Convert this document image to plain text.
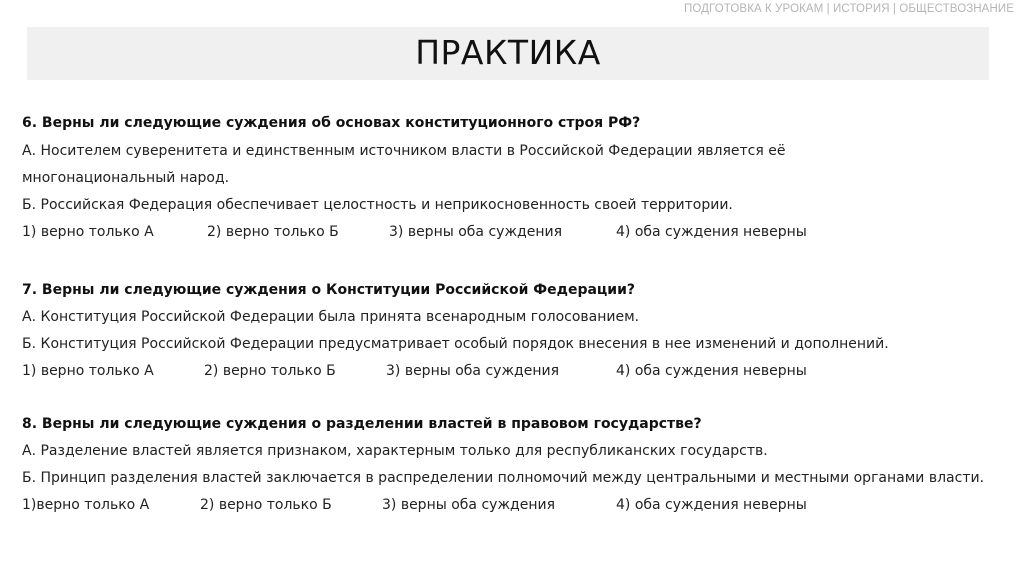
ПОДГОТОВКА К УРОКАМ | ИСТОРИЯ | ОБЩЕСТВОЗНАНИЕ
ПРАКТИКА
6. Верны ли следующие суждения об основах конституционного строя РФ?
А. Носителем суверенитета и единственным источником власти в Российской Федерации является её
многонациональный народ.
Б. Российская Федерация обеспечивает целостность и неприкосновенность своей территории.
1) верно только А	2) верно только Б	3) верны оба суждения	4) оба суждения неверны
7. Верны ли следующие суждения о Конституции Российской Федерации?
А. Конституция Российской Федерации была принята всенародным голосованием.
Б. Конституция Российской Федерации предусматривает особый порядок внесения в нее изменений и дополнений.
1) верно только А	2) верно только Б	3) верны оба суждения	4) оба суждения неверны
8. Верны ли следующие суждения о разделении властей в правовом государстве?
А. Разделение властей является признаком, характерным только для республиканских государств.
Б. Принцип разделения властей заключается в распределении полномочий между центральными и местными органами власти.
1)верно только А	2) верно только Б	3) верны оба суждения	4) оба суждения неверны
